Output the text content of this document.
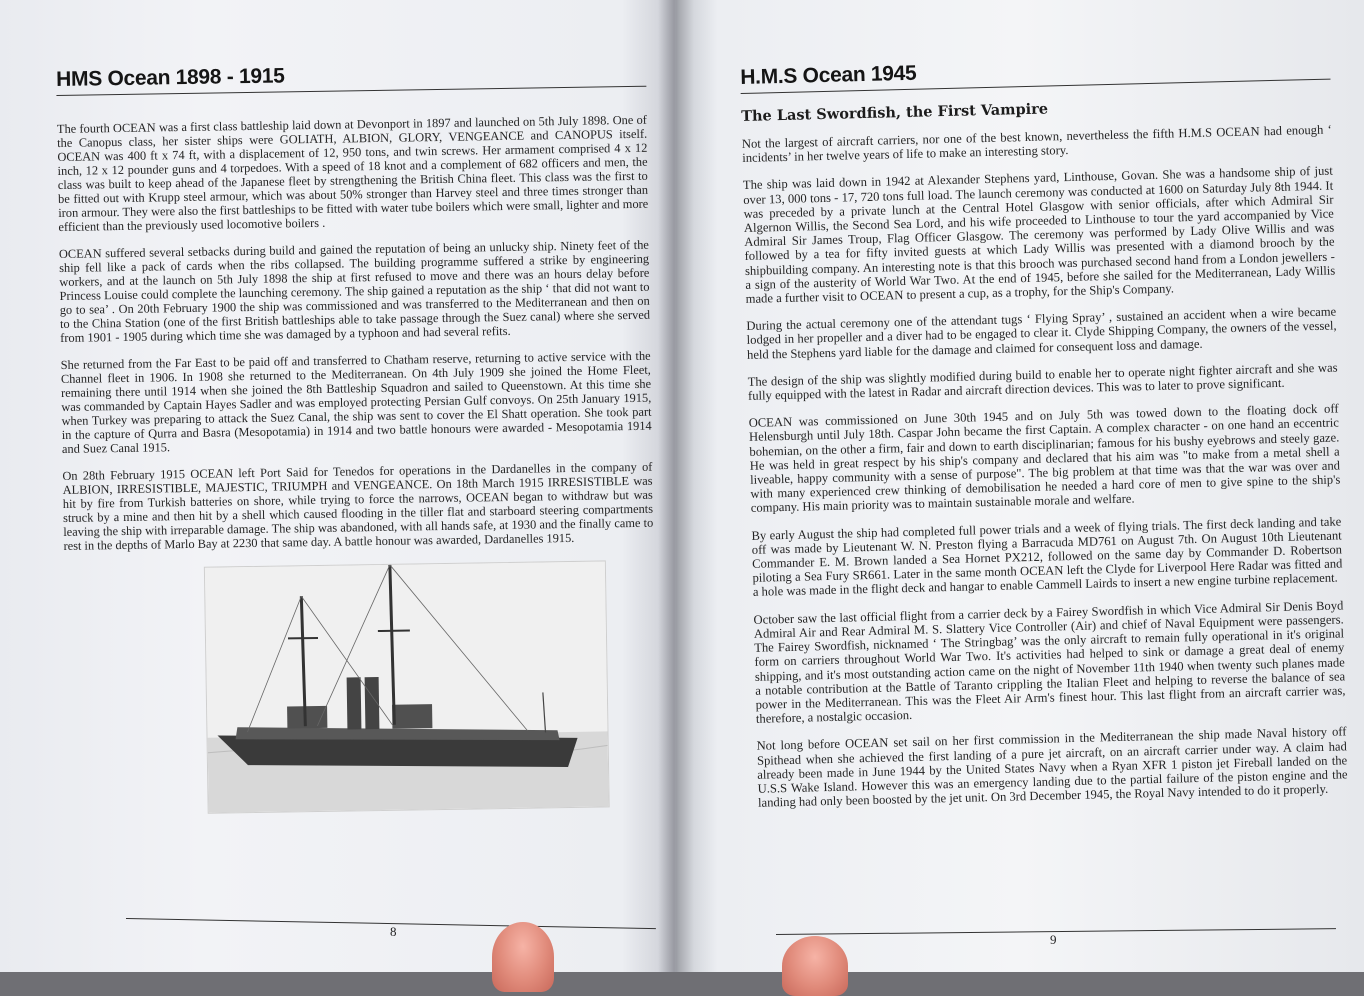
HMS Ocean 1898 - 1915

The fourth OCEAN was a first class battleship laid down at Devonport in 1897 and launched on 5th July 1898. One of the Canopus class, her sister ships were GOLIATH, ALBION, GLORY, VENGEANCE and CANOPUS itself. OCEAN was 400 ft x 74 ft, with a displacement of 12, 950 tons, and twin screws. Her armament comprised 4 x 12 inch, 12 x 12 pounder guns and 4 torpedoes. With a speed of 18 knot and a complement of 682 officers and men, the class was built to keep ahead of the Japanese fleet by strengthening the British China fleet. This class was the first to be fitted out with Krupp steel armour, which was about 50% stronger than Harvey steel and three times stronger than iron armour. They were also the first battleships to be fitted with water tube boilers which were small, lighter and more efficient than the previously used locomotive boilers .

OCEAN suffered several setbacks during build and gained the reputation of being an unlucky ship. Ninety feet of the ship fell like a pack of cards when the ribs collapsed. The building programme suffered a strike by engineering workers, and at the launch on 5th July 1898 the ship at first refused to move and there was an hours delay before Princess Louise could complete the launching ceremony. The ship gained a reputation as the ship ‘ that did not want to go to sea’ . On 20th February 1900 the ship was commissioned and was transferred to the Mediterranean and then on to the China Station (one of the first British battleships able to take passage through the Suez canal) where she served from 1901 - 1905 during which time she was damaged by a typhoon and had several refits.

She returned from the Far East to be paid off and transferred to Chatham reserve, returning to active service with the Channel fleet in 1906. In 1908 she returned to the Mediterranean. On 4th July 1909 she joined the Home Fleet, remaining there until 1914 when she joined the 8th Battleship Squadron and sailed to Queenstown. At this time she was commanded by Captain Hayes Sadler and was employed protecting Persian Gulf convoys. On 25th January 1915, when Turkey was preparing to attack the Suez Canal, the ship was sent to cover the El Shatt operation. She took part in the capture of Qurra and Basra (Mesopotamia) in 1914 and two battle honours were awarded - Mesopotamia 1914 and Suez Canal 1915.

On 28th February 1915 OCEAN left Port Said for Tenedos for operations in the Dardanelles in the company of ALBION, IRRESISTIBLE, MAJESTIC, TRIUMPH and VENGEANCE. On 18th March 1915 IRRESISTIBLE was hit by fire from Turkish batteries on shore, while trying to force the narrows, OCEAN began to withdraw but was struck by a mine and then hit by a shell which caused flooding in the tiller flat and starboard steering compartments leaving the ship with irreparable damage. The ship was abandoned, with all hands safe, at 1930 and the finally came to rest in the depths of Marlo Bay at 2230 that same day. A battle honour was awarded, Dardanelles 1915.

8
H.M.S Ocean 1945
The Last Swordfish, the First Vampire

Not the largest of aircraft carriers, nor one of the best known, nevertheless the fifth H.M.S OCEAN had enough ‘ incidents’ in her twelve years of life to make an interesting story.

The ship was laid down in 1942 at Alexander Stephens yard, Linthouse, Govan. She was a handsome ship of just over 13, 000 tons - 17, 720 tons full load. The launch ceremony was conducted at 1600 on Saturday July 8th 1944. It was preceded by a private lunch at the Central Hotel Glasgow with senior officials, after which Admiral Sir Algernon Willis, the Second Sea Lord, and his wife proceeded to Linthouse to tour the yard accompanied by Vice Admiral Sir James Troup, Flag Officer Glasgow. The ceremony was performed by Lady Olive Willis and was followed by a tea for fifty invited guests at which Lady Willis was presented with a diamond brooch by the shipbuilding company. An interesting note is that this brooch was purchased second hand from a London jewellers - a sign of the austerity of World War Two. At the end of 1945, before she sailed for the Mediterranean, Lady Willis made a further visit to OCEAN to present a cup, as a trophy, for the Ship's Company.

During the actual ceremony one of the attendant tugs ‘ Flying Spray’ , sustained an accident when a wire became lodged in her propeller and a diver had to be engaged to clear it. Clyde Shipping Company, the owners of the vessel, held the Stephens yard liable for the damage and claimed for consequent loss and damage.

The design of the ship was slightly modified during build to enable her to operate night fighter aircraft and she was fully equipped with the latest in Radar and aircraft direction devices. This was to later to prove significant.

OCEAN was commissioned on June 30th 1945 and on July 5th was towed down to the floating dock off Helensburgh until July 18th. Caspar John became the first Captain. A complex character - on one hand an eccentric bohemian, on the other a firm, fair and down to earth disciplinarian; famous for his bushy eyebrows and steely gaze. He was held in great respect by his ship's company and declared that his aim was "to make from a metal shell a liveable, happy community with a sense of purpose". The big problem at that time was that the war was over and with many experienced crew thinking of demobilisation he needed a hard core of men to give spine to the ship's company. His main priority was to maintain sustainable morale and welfare.

By early August the ship had completed full power trials and a week of flying trials. The first deck landing and take off was made by Lieutenant W. N. Preston flying a Barracuda MD761 on August 7th. On August 10th Lieutenant Commander E. M. Brown landed a Sea Hornet PX212, followed on the same day by Commander D. Robertson piloting a Sea Fury SR661. Later in the same month OCEAN left the Clyde for Liverpool Here Radar was fitted and a hole was made in the flight deck and hangar to enable Cammell Lairds to insert a new engine turbine replacement.

October saw the last official flight from a carrier deck by a Fairey Swordfish in which Vice Admiral Sir Denis Boyd Admiral Air and Rear Admiral M. S. Slattery Vice Controller (Air) and chief of Naval Equipment were passengers. The Fairey Swordfish, nicknamed ‘ The Stringbag’ was the only aircraft to remain fully operational in it's original form on carriers throughout World War Two. It's activities had helped to sink or damage a great deal of enemy shipping, and it's most outstanding action came on the night of November 11th 1940 when twenty such planes made a notable contribution at the Battle of Taranto crippling the Italian Fleet and helping to reverse the balance of sea power in the Mediterranean. This was the Fleet Air Arm's finest hour. This last flight from an aircraft carrier was, therefore, a nostalgic occasion.

Not long before OCEAN set sail on her first commission in the Mediterranean the ship made Naval history off Spithead when she achieved the first landing of a pure jet aircraft, on an aircraft carrier under way. A claim had already been made in June 1944 by the United States Navy when a Ryan XFR 1 piston jet Fireball landed on the U.S.S Wake Island. However this was an emergency landing due to the partial failure of the piston engine and the landing had only been boosted by the jet unit. On 3rd December 1945, the Royal Navy intended to do it properly.

9
